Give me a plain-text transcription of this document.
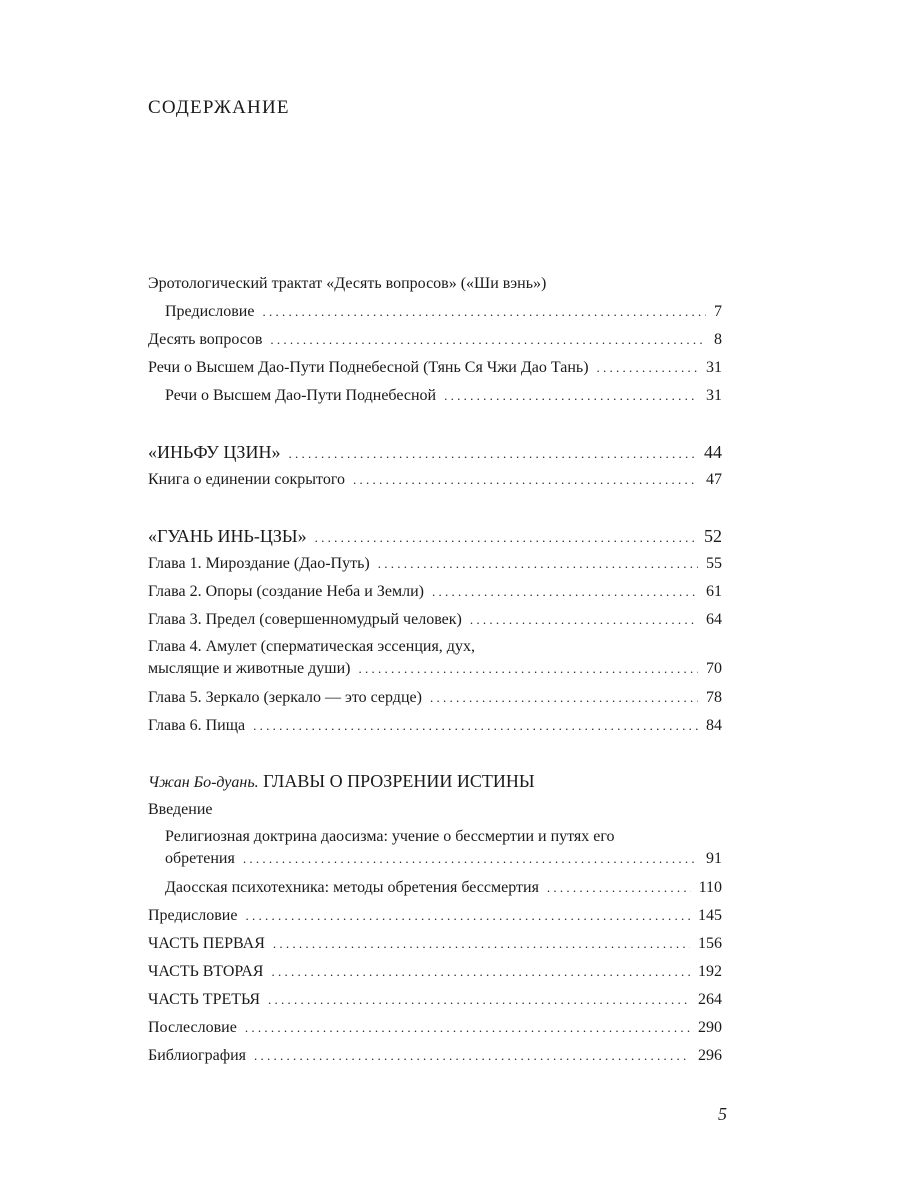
СОДЕРЖАНИЕ
Эротологический трактат «Десять вопросов» («Ши вэнь»)
Предисловие . . .	7
Десять вопросов . . .	8
Речи о Высшем Дао-Пути Поднебесной (Тянь Ся Чжи Дао Тань) . . .	31
Речи о Высшем Дао-Пути Поднебесной . . .	31
«ИНЬФУ ЦЗИН» . . .	44
Книга о единении сокрытого . . .	47
«ГУАНЬ ИНЬ-ЦЗЫ» . . .	52
Глава 1. Мироздание (Дао-Путь) . . .	55
Глава 2. Опоры (создание Неба и Земли) . . .	61
Глава 3. Предел (совершенномудрый человек) . . .	64
Глава 4. Амулет (сперматическая эссенция, дух,
мыслящие и животные души) . . .	70
Глава 5. Зеркало (зеркало — это сердце) . . .	78
Глава 6. Пища . . .	84
Чжан Бо-дуань. ГЛАВЫ О ПРОЗРЕНИИ ИСТИНЫ
Введение
Религиозная доктрина даосизма: учение о бессмертии и путях его
обретения . . .	91
Даосская психотехника: методы обретения бессмертия . . .	110
Предисловие . . .	145
ЧАСТЬ ПЕРВАЯ . . .	156
ЧАСТЬ ВТОРАЯ . . .	192
ЧАСТЬ ТРЕТЬЯ . . .	264
Послесловие . . .	290
Библиография . . .	296
5
